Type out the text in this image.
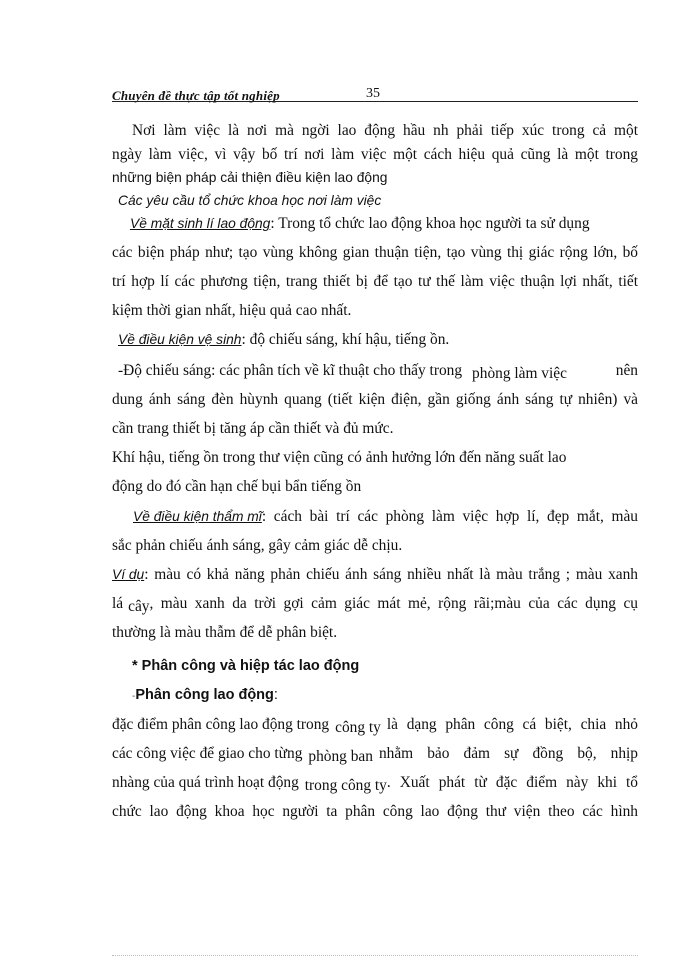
Chuyên đề thực tập tốt nghiệp	35
Nơi làm việc là nơi mà ngời lao động hầu nh phải tiếp xúc trong cả một
ngày làm việc, vì vậy bố trí nơi làm việc một cách hiệu quả cũng là một trong
những biện pháp cải thiện điều kiện lao động
Các yêu cầu tổ chức khoa học nơi làm việc
Về mặt sinh lí lao động: Trong tổ chức lao động khoa học người ta sử dụng
các biện pháp như; tạo vùng không gian thuận tiện, tạo vùng thị giác rộng lớn, bố
trí hợp lí các phương tiện, trang thiết bị để tạo tư thế làm việc thuận lợi nhất, tiết
kiệm thời gian nhất, hiệu quả cao nhất.
Về điều kiện vệ sinh: độ chiếu sáng, khí hậu, tiếng ồn.
-Độ chiếu sáng: các phân tích về kĩ thuật cho thấy trong phòng làm việc	nên
dung ánh sáng đèn hùynh quang (tiết kiện điện, gần giống ánh sáng tự nhiên) và
cần trang thiết bị tăng áp cần thiết và đủ mức.
Khí hậu, tiếng ồn trong thư viện cũng có ảnh hưởng lớn đến năng suất lao
động do đó cần hạn chế bụi bẩn tiếng ồn
Về điều kiện thẩm mĩ : cách bài trí các phòng làm việc hợp lí, đẹp mắt, màu
sắc phản chiếu ánh sáng, gây cảm giác dễ chịu.
Ví dụ : màu có khả năng phản chiếu ánh sáng nhiều nhất là màu trắng ; màu xanh
lá cây , màu xanh da trời gợi cảm giác mát mẻ, rộng rãi;màu của các dụng cụ
thường là màu thẫm để dễ phân biệt.
* Phân công và hiệp tác lao động
-Phân công lao động:
đặc điểm phân công lao động trong công ty là dạng phân công cá biệt, chia nhỏ
các công việc để giao cho từng phòng ban nhằm bảo đảm sự đồng bộ, nhịp
nhàng của quá trình hoạt động trong công ty . Xuất phát từ đặc điểm này khi tổ
chức lao động khoa học người ta phân công lao động thư viện theo các hình
